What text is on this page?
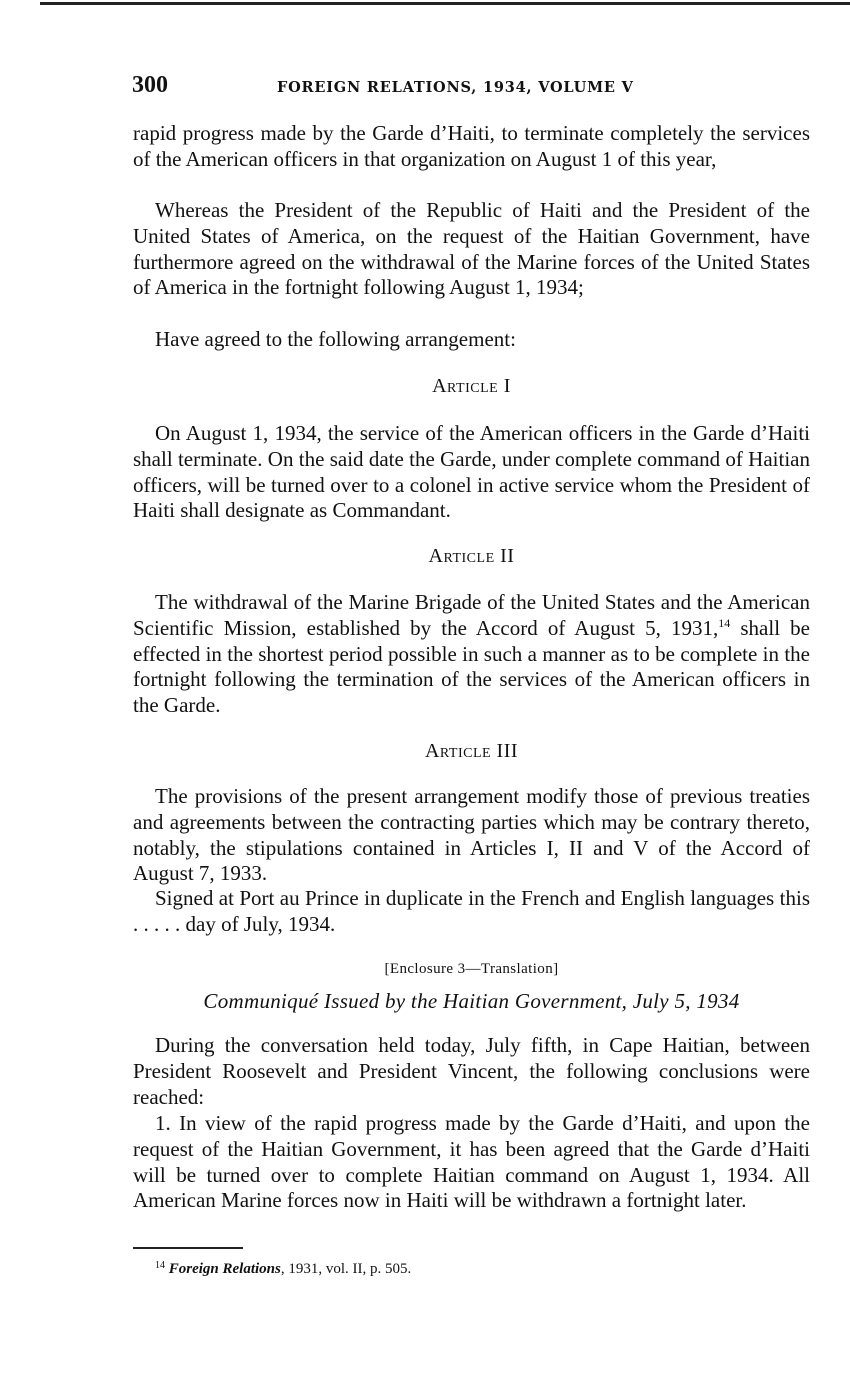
300	FOREIGN RELATIONS, 1934, VOLUME V
rapid progress made by the Garde d’Haiti, to terminate completely the services of the American officers in that organization on August 1 of this year,
Whereas the President of the Republic of Haiti and the President of the United States of America, on the request of the Haitian Government, have furthermore agreed on the withdrawal of the Marine forces of the United States of America in the fortnight following August 1, 1934;
Have agreed to the following arrangement:
Article I
On August 1, 1934, the service of the American officers in the Garde d’Haiti shall terminate. On the said date the Garde, under complete command of Haitian officers, will be turned over to a colonel in active service whom the President of Haiti shall designate as Commandant.
Article II
The withdrawal of the Marine Brigade of the United States and the American Scientific Mission, established by the Accord of August 5, 1931,14 shall be effected in the shortest period possible in such a manner as to be complete in the fortnight following the termination of the services of the American officers in the Garde.
Article III
The provisions of the present arrangement modify those of previous treaties and agreements between the contracting parties which may be contrary thereto, notably, the stipulations contained in Articles I, II and V of the Accord of August 7, 1933.
Signed at Port au Prince in duplicate in the French and English languages this . . . . . day of July, 1934.
[Enclosure 3—Translation]
Communiqué Issued by the Haitian Government, July 5, 1934
During the conversation held today, July fifth, in Cape Haitian, between President Roosevelt and President Vincent, the following conclusions were reached:
1. In view of the rapid progress made by the Garde d’Haiti, and upon the request of the Haitian Government, it has been agreed that the Garde d’Haiti will be turned over to complete Haitian command on August 1, 1934. All American Marine forces now in Haiti will be withdrawn a fortnight later.
$^{14}$ Foreign Relations, 1931, vol. II, p. 505.
